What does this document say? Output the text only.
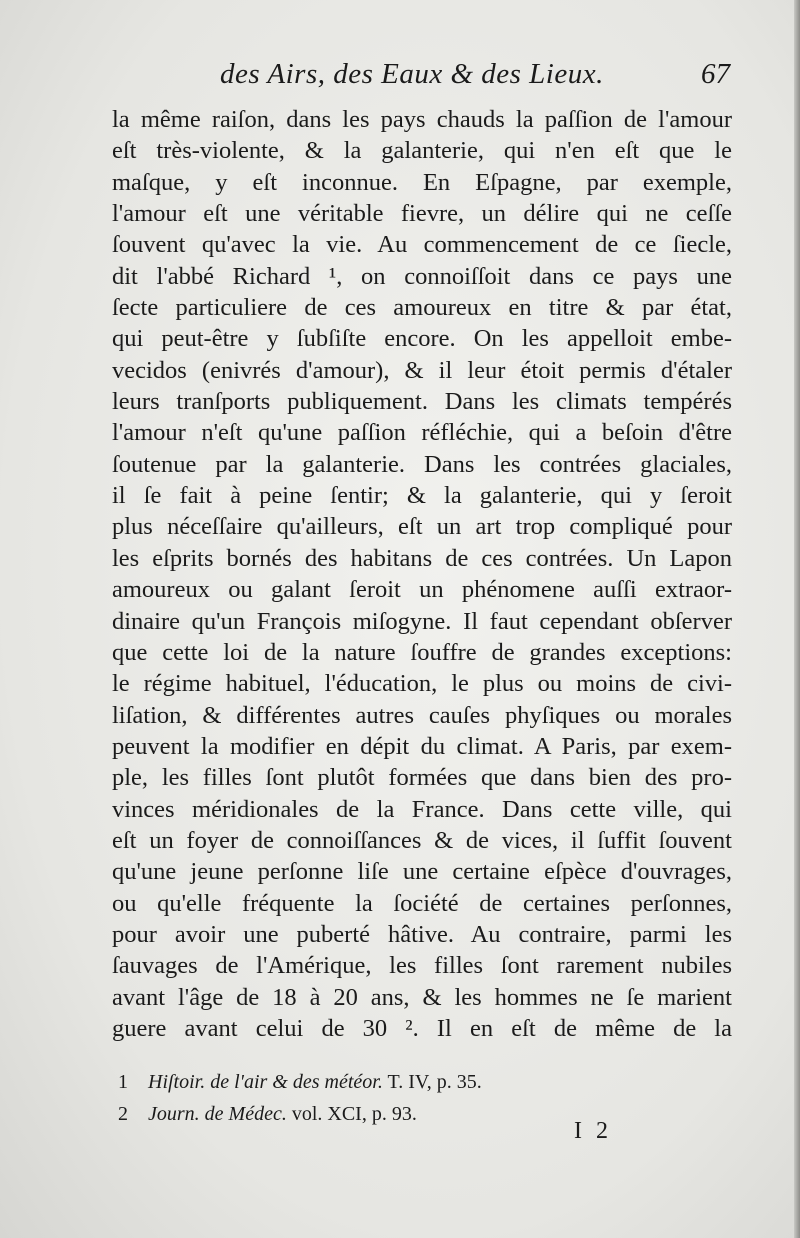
des Airs, des Eaux & des Lieux.	67
la même raiſon, dans les pays chauds la paſſion de l'amour
eſt très-violente, & la galanterie, qui n'en eſt que le
maſque, y eſt inconnue. En Eſpagne, par exemple,
l'amour eſt une véritable fievre, un délire qui ne ceſſe
ſouvent qu'avec la vie. Au commencement de ce ſiecle,
dit l'abbé Richard ¹, on connoiſſoit dans ce pays une
ſecte particuliere de ces amoureux en titre & par état,
qui peut-être y ſubſiſte encore. On les appelloit embe-
vecidos (enivrés d'amour), & il leur étoit permis d'étaler
leurs tranſports publiquement. Dans les climats tempérés
l'amour n'eſt qu'une paſſion réfléchie, qui a beſoin d'être
ſoutenue par la galanterie. Dans les contrées glaciales,
il ſe fait à peine ſentir; & la galanterie, qui y ſeroit
plus néceſſaire qu'ailleurs, eſt un art trop compliqué pour
les eſprits bornés des habitans de ces contrées. Un Lapon
amoureux ou galant ſeroit un phénomene auſſi extraor-
dinaire qu'un François miſogyne. Il faut cependant obſerver
que cette loi de la nature ſouffre de grandes exceptions:
le régime habituel, l'éducation, le plus ou moins de civi-
liſation, & différentes autres cauſes phyſiques ou morales
peuvent la modifier en dépit du climat. A Paris, par exem-
ple, les filles ſont plutôt formées que dans bien des pro-
vinces méridionales de la France. Dans cette ville, qui
eſt un foyer de connoiſſances & de vices, il ſuffit ſouvent
qu'une jeune perſonne liſe une certaine eſpèce d'ouvrages,
ou qu'elle fréquente la ſociété de certaines perſonnes,
pour avoir une puberté hâtive. Au contraire, parmi les
ſauvages de l'Amérique, les filles ſont rarement nubiles
avant l'âge de 18 à 20 ans, & les hommes ne ſe marient
guere avant celui de 30 ². Il en eſt de même de la
1 Hiſtoir. de l'air & des météor. T. IV, p. 35.
2 Journ. de Médec. vol. XCI, p. 93.
I 2
